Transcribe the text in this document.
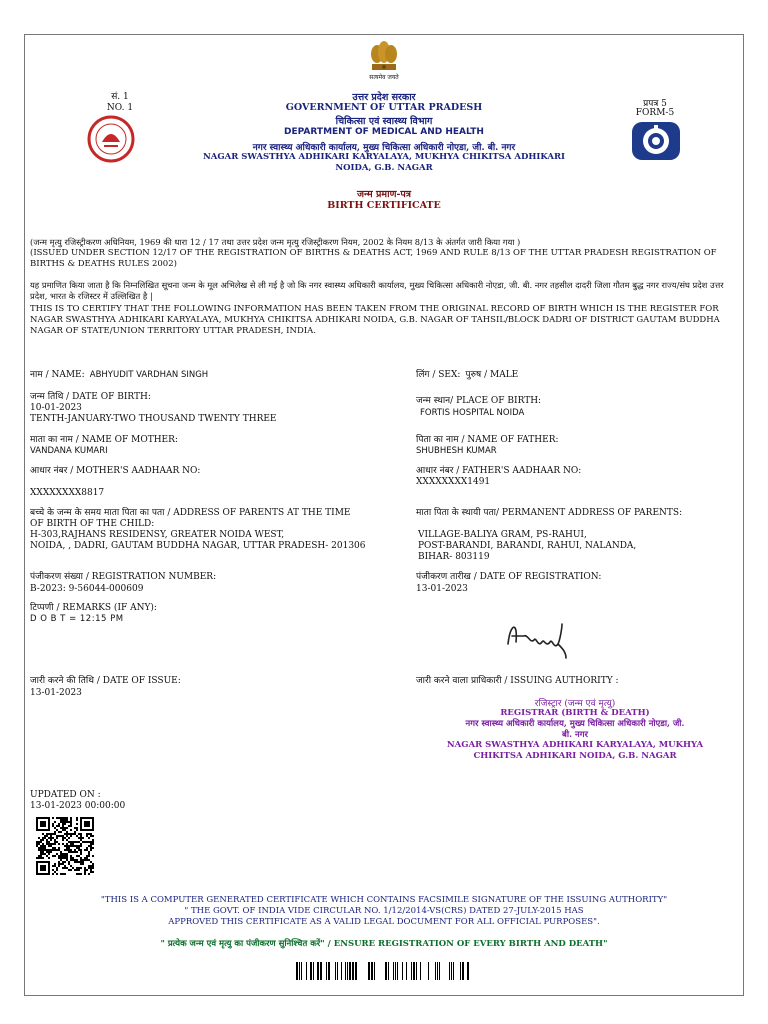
सत्यमेव जयते
सं. 1
NO. 1	प्रपत्र 5
FORM-5
उत्तर प्रदेश सरकार
GOVERNMENT OF UTTAR PRADESH
चिकित्सा एवं स्वास्थ्य विभाग
DEPARTMENT OF MEDICAL AND HEALTH
नगर स्वास्थ्य अधिकारी कार्यालय, मुख्य चिकित्सा अधिकारी नोएडा, जी. बी. नगर
NAGAR SWASTHYA ADHIKARI KARYALAYA, MUKHYA CHIKITSA ADHIKARI
NOIDA, G.B. NAGAR
जन्म प्रमाण-पत्र
BIRTH CERTIFICATE
(जन्म मृत्यु रजिस्ट्रीकरण अधिनियम, 1969 की धारा 12 / 17 तथा उत्तर प्रदेश जन्म मृत्यु रजिस्ट्रीकरण नियम, 2002 के नियम 8/13 के अंतर्गत जारी किया गया )
(ISSUED UNDER SECTION 12/17 OF THE REGISTRATION OF BIRTHS & DEATHS ACT, 1969 AND RULE 8/13 OF THE UTTAR PRADESH REGISTRATION OF BIRTHS & DEATHS RULES 2002)
यह प्रमाणित किया जाता है कि निम्नलिखित सूचना जन्म के मूल अभिलेख से ली गई है जो कि नगर स्वास्थ्य अधिकारी कार्यालय, मुख्य चिकित्सा अधिकारी नोएडा, जी. बी. नगर तहसील दादरी जिला गौतम बुद्ध नगर राज्य/संघ प्रदेश उत्तर प्रदेश, भारत के रजिस्टर में उल्लिखित है |
THIS IS TO CERTIFY THAT THE FOLLOWING INFORMATION HAS BEEN TAKEN FROM THE ORIGINAL RECORD OF BIRTH WHICH IS THE REGISTER FOR NAGAR SWASTHYA ADHIKARI KARYALAYA, MUKHYA CHIKITSA ADHIKARI NOIDA, G.B. NAGAR OF TAHSIL/BLOCK DADRI OF DISTRICT GAUTAM BUDDHA NAGAR OF STATE/UNION TERRITORY UTTAR PRADESH, INDIA.
नाम / NAME: ABHYUDIT VARDHAN SINGH
जन्म तिथि / DATE OF BIRTH:
10-01-2023
TENTH-JANUARY-TWO THOUSAND TWENTY THREE
माता का नाम / NAME OF MOTHER:
VANDANA KUMARI
आधार नंबर / MOTHER'S AADHAAR NO:
XXXXXXXX8817
बच्चे के जन्म के समय माता पिता का पता / ADDRESS OF PARENTS AT THE TIME
OF BIRTH OF THE CHILD:
H-303,RAJHANS RESIDENSY, GREATER NOIDA WEST,
NOIDA, , DADRI, GAUTAM BUDDHA NAGAR, UTTAR PRADESH- 201306
पंजीकरण संख्या / REGISTRATION NUMBER:
B-2023: 9-56044-000609
टिप्पणी / REMARKS (IF ANY):
D O B T = 12:15 PM
जारी करने की तिथि / DATE OF ISSUE:
13-01-2023
लिंग / SEX: पुरुष / MALE
जन्म स्थान/ PLACE OF BIRTH:
FORTIS HOSPITAL NOIDA
पिता का नाम / NAME OF FATHER:
SHUBHESH KUMAR
आधार नंबर / FATHER'S AADHAAR NO:
XXXXXXXX1491
माता पिता के स्थायी पता/ PERMANENT ADDRESS OF PARENTS:
VILLAGE-BALIYA GRAM, PS-RAHUI,
POST-BARANDI, BARANDI, RAHUI, NALANDA,
BIHAR- 803119
पंजीकरण तारीख / DATE OF REGISTRATION:
13-01-2023
जारी करने वाला प्राधिकारी / ISSUING AUTHORITY :
रजिस्ट्रार (जन्म एवं मृत्यु)
REGISTRAR (BIRTH & DEATH)
नगर स्वास्थ्य अधिकारी कार्यालय, मुख्य चिकित्सा अधिकारी नोएडा, जी.
बी. नगर
NAGAR SWASTHYA ADHIKARI KARYALAYA, MUKHYA
CHIKITSA ADHIKARI NOIDA, G.B. NAGAR
UPDATED ON :
13-01-2023 00:00:00
"THIS IS A COMPUTER GENERATED CERTIFICATE WHICH CONTAINS FACSIMILE SIGNATURE OF THE ISSUING AUTHORITY"
" THE GOVT. OF INDIA VIDE CIRCULAR NO. 1/12/2014-VS(CRS) DATED 27-JULY-2015 HAS
APPROVED THIS CERTIFICATE AS A VALID LEGAL DOCUMENT FOR ALL OFFICIAL PURPOSES".
" प्रत्येक जन्म एवं मृत्यु का पंजीकरण सुनिश्चित करें" / ENSURE REGISTRATION OF EVERY BIRTH AND DEATH"
